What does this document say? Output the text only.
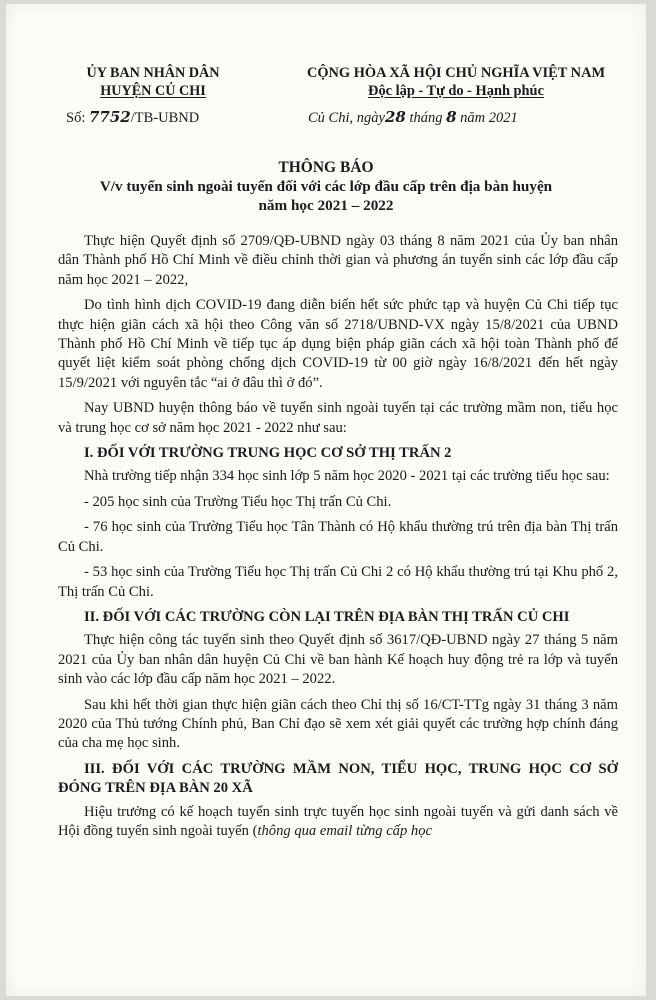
ỦY BAN NHÂN DÂN
HUYỆN CỦ CHI
CỘNG HÒA XÃ HỘI CHỦ NGHĨA VIỆT NAM
Độc lập - Tự do - Hạnh phúc
Số: 7752/TB-UBND	Củ Chi, ngày28 tháng 8 năm 2021
THÔNG BÁO
V/v tuyển sinh ngoài tuyến đối với các lớp đầu cấp trên địa bàn huyện
năm học 2021 – 2022

Thực hiện Quyết định số 2709/QĐ-UBND ngày 03 tháng 8 năm 2021 của Ủy ban nhân dân Thành phố Hồ Chí Minh về điều chỉnh thời gian và phương án tuyển sinh các lớp đầu cấp năm học 2021 – 2022,

Do tình hình dịch COVID-19 đang diễn biến hết sức phức tạp và huyện Củ Chi tiếp tục thực hiện giãn cách xã hội theo Công văn số 2718/UBND-VX ngày 15/8/2021 của UBND Thành phố Hồ Chí Minh về tiếp tục áp dụng biện pháp giãn cách xã hội toàn Thành phố để quyết liệt kiểm soát phòng chống dịch COVID-19 từ 00 giờ ngày 16/8/2021 đến hết ngày 15/9/2021 với nguyên tắc “ai ở đâu thì ở đó”.

Nay UBND huyện thông báo về tuyển sinh ngoài tuyến tại các trường mầm non, tiểu học và trung học cơ sở năm học 2021 - 2022 như sau:

I. ĐỐI VỚI TRƯỜNG TRUNG HỌC CƠ SỞ THỊ TRẤN 2

Nhà trường tiếp nhận 334 học sinh lớp 5 năm học 2020 - 2021 tại các trường tiểu học sau:

- 205 học sinh của Trường Tiểu học Thị trấn Củ Chi.

- 76 học sinh của Trường Tiểu học Tân Thành có Hộ khẩu thường trú trên địa bàn Thị trấn Củ Chi.

- 53 học sinh của Trường Tiểu học Thị trấn Củ Chi 2 có Hộ khẩu thường trú tại Khu phố 2, Thị trấn Củ Chi.

II. ĐỐI VỚI CÁC TRƯỜNG CÒN LẠI TRÊN ĐỊA BÀN THỊ TRẤN CỦ CHI

Thực hiện công tác tuyển sinh theo Quyết định số 3617/QĐ-UBND ngày 27 tháng 5 năm 2021 của Ủy ban nhân dân huyện Củ Chi về ban hành Kế hoạch huy động trẻ ra lớp và tuyển sinh vào các lớp đầu cấp năm học 2021 – 2022.

Sau khi hết thời gian thực hiện giãn cách theo Chỉ thị số 16/CT-TTg ngày 31 tháng 3 năm 2020 của Thủ tướng Chính phủ, Ban Chỉ đạo sẽ xem xét giải quyết các trường hợp chính đáng của cha mẹ học sinh.

III. ĐỐI VỚI CÁC TRƯỜNG MẦM NON, TIỂU HỌC, TRUNG HỌC CƠ SỞ ĐÓNG TRÊN ĐỊA BÀN 20 XÃ

Hiệu trưởng có kế hoạch tuyển sinh trực tuyến học sinh ngoài tuyến và gửi danh sách về Hội đồng tuyển sinh ngoài tuyến (thông qua email từng cấp học
